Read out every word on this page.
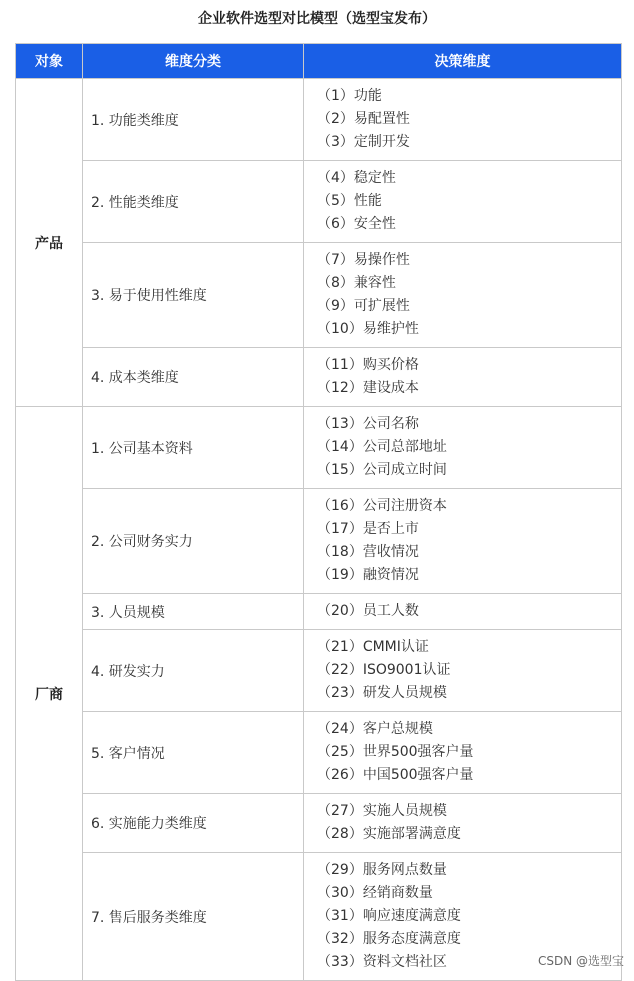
企业软件选型对比模型（选型宝发布）
对象	维度分类	决策维度
产品	1. 功能类维度	（1）功能
（2）易配置性
（3）定制开发

	2. 性能类维度	（4）稳定性
（5）性能
（6）安全性

	3. 易于使用性维度	（7）易操作性
（8）兼容性
（9）可扩展性
（10）易维护性

	4. 成本类维度	（11）购买价格
（12）建设成本

厂商	1. 公司基本资料	（13）公司名称
（14）公司总部地址
（15）公司成立时间

	2. 公司财务实力	（16）公司注册资本
（17）是否上市
（18）营收情况
（19）融资情况

	3. 人员规模	（20）员工人数

	4. 研发实力	（21）CMMI认证
（22）ISO9001认证
（23）研发人员规模

	5. 客户情况	（24）客户总规模
（25）世界500强客户量
（26）中国500强客户量

	6. 实施能力类维度	（27）实施人员规模
（28）实施部署满意度

	7. 售后服务类维度	（29）服务网点数量
（30）经销商数量
（31）响应速度满意度
（32）服务态度满意度
（33）资料文档社区	CSDN @选型宝
